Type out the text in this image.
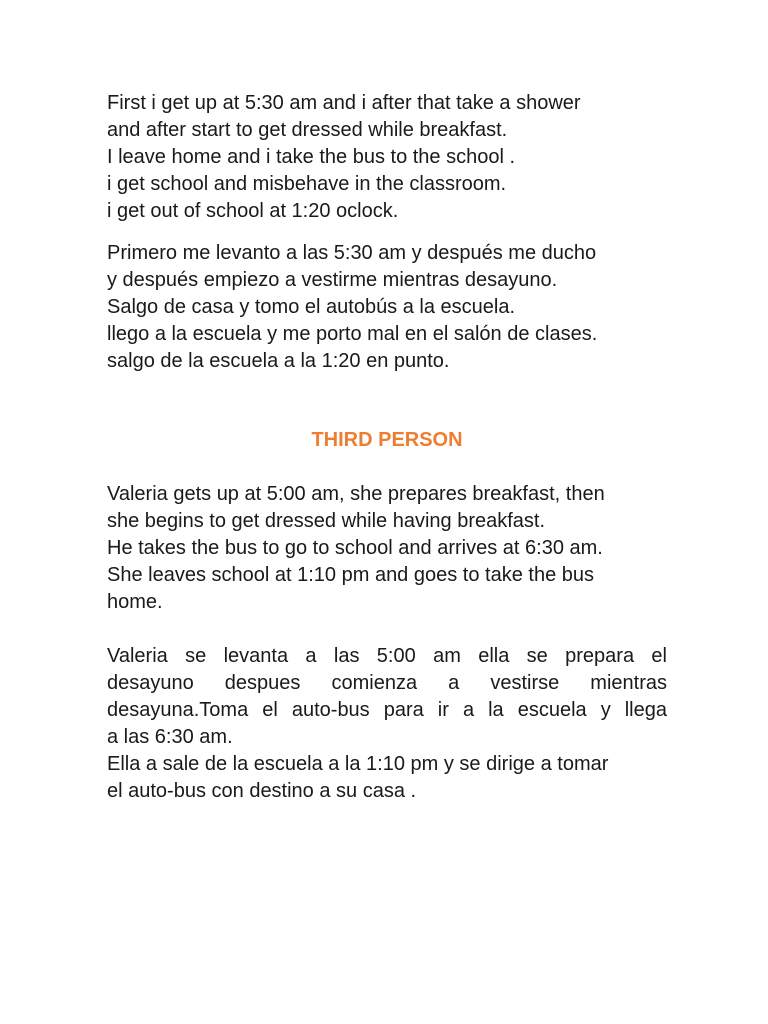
First i get up at 5:30 am and i after that take a shower
and after start to get dressed while breakfast.
I leave home and i take the bus to the school .
i get school and misbehave in the classroom.
i get out of school at 1:20 oclock.

Primero me levanto a las 5:30 am y después me ducho
y después empiezo a vestirme mientras desayuno.
Salgo de casa y tomo el autobús a la escuela.
llego a la escuela y me porto mal en el salón de clases.
salgo de la escuela a la 1:20 en punto.

THIRD PERSON

Valeria gets up at 5:00 am, she prepares breakfast, then
she begins to get dressed while having breakfast.
He takes the bus to go to school and arrives at 6:30 am.
She leaves school at 1:10 pm and goes to take the bus
home.

Valeria se levanta a las 5:00 am ella se prepara el
desayuno despues comienza a vestirse mientras
desayuna.Toma el auto-bus para ir a la escuela y llega
a las 6:30 am.
Ella a sale de la escuela a la 1:10 pm y se dirige a tomar
el auto-bus con destino a su casa .
